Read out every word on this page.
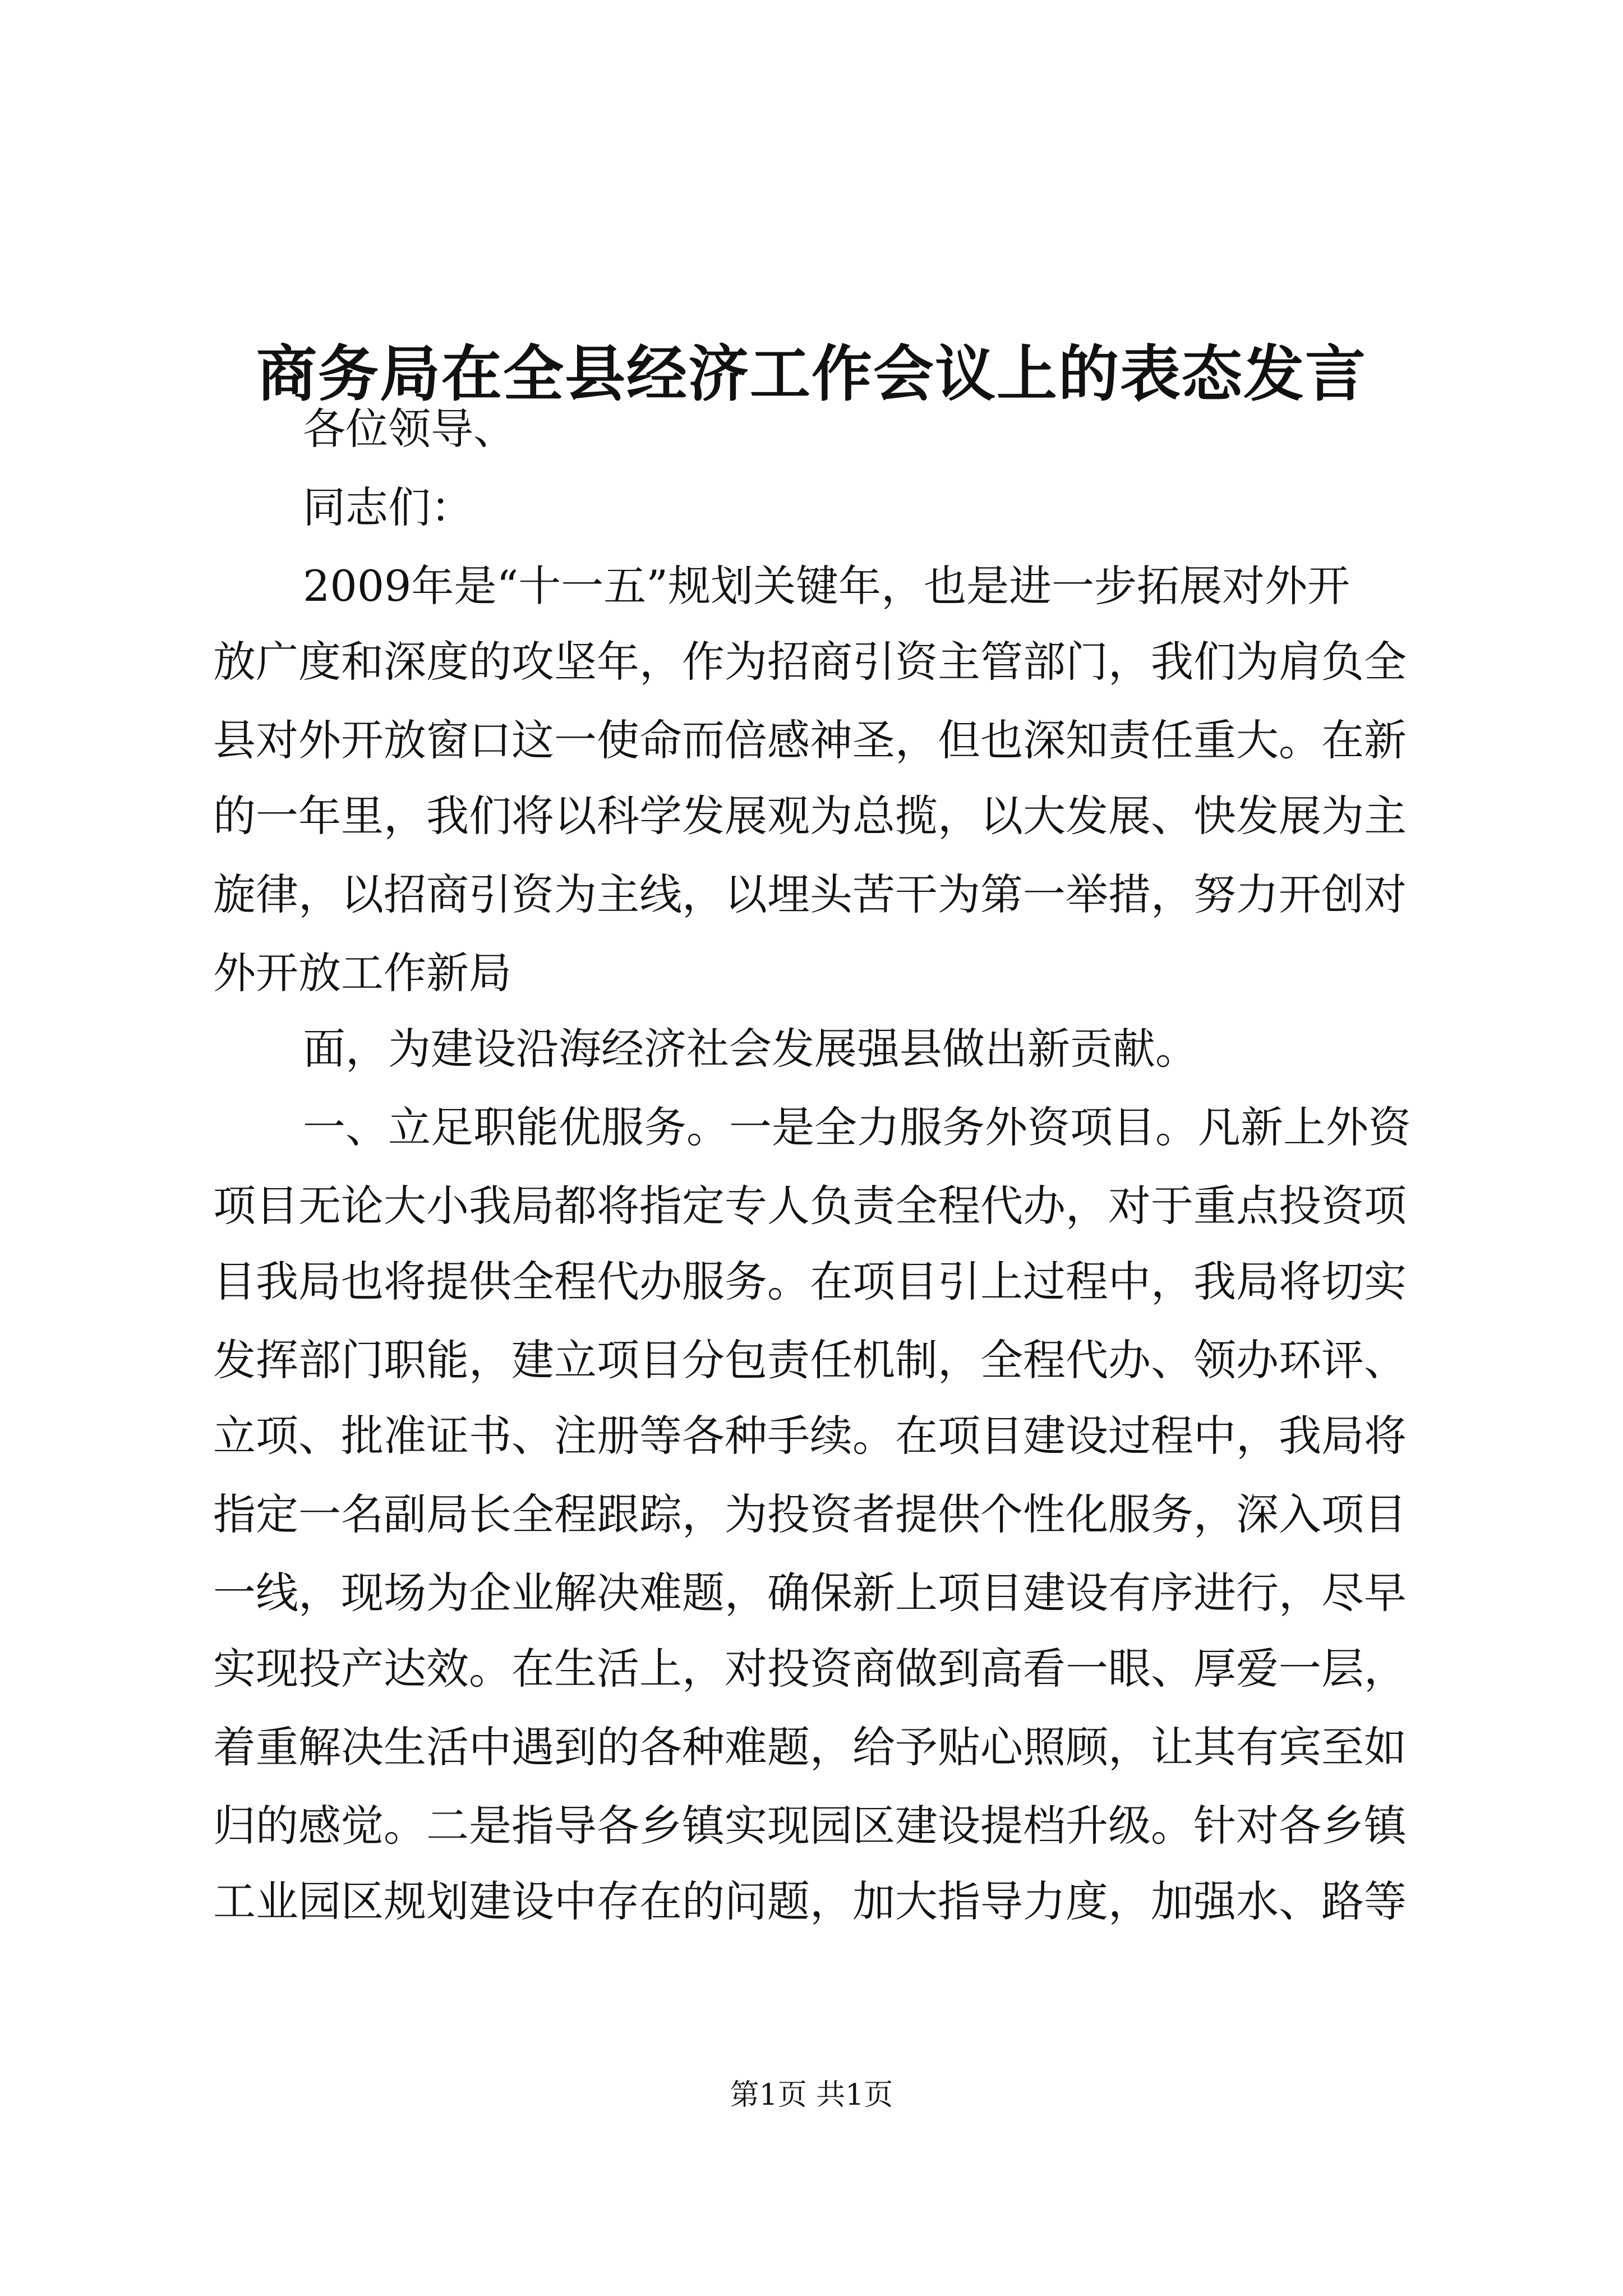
商务局在全县经济工作会议上的表态发言

各位领导、

同志们：

2009年是“十一五”规划关键年，也是进一步拓展对外开

放广度和深度的攻坚年，作为招商引资主管部门，我们为肩负全

县对外开放窗口这一使命而倍感神圣，但也深知责任重大。在新

的一年里，我们将以科学发展观为总揽，以大发展、快发展为主

旋律，以招商引资为主线，以埋头苦干为第一举措，努力开创对

外开放工作新局

面，为建设沿海经济社会发展强县做出新贡献。

一、立足职能优服务。一是全力服务外资项目。凡新上外资

项目无论大小我局都将指定专人负责全程代办，对于重点投资项

目我局也将提供全程代办服务。在项目引上过程中，我局将切实

发挥部门职能，建立项目分包责任机制，全程代办、领办环评、

立项、批准证书、注册等各种手续。在项目建设过程中，我局将

指定一名副局长全程跟踪，为投资者提供个性化服务，深入项目

一线，现场为企业解决难题，确保新上项目建设有序进行，尽早

实现投产达效。在生活上，对投资商做到高看一眼、厚爱一层，

着重解决生活中遇到的各种难题，给予贴心照顾，让其有宾至如

归的感觉。二是指导各乡镇实现园区建设提档升级。针对各乡镇

工业园区规划建设中存在的问题，加大指导力度，加强水、路等

第1页 共1页
